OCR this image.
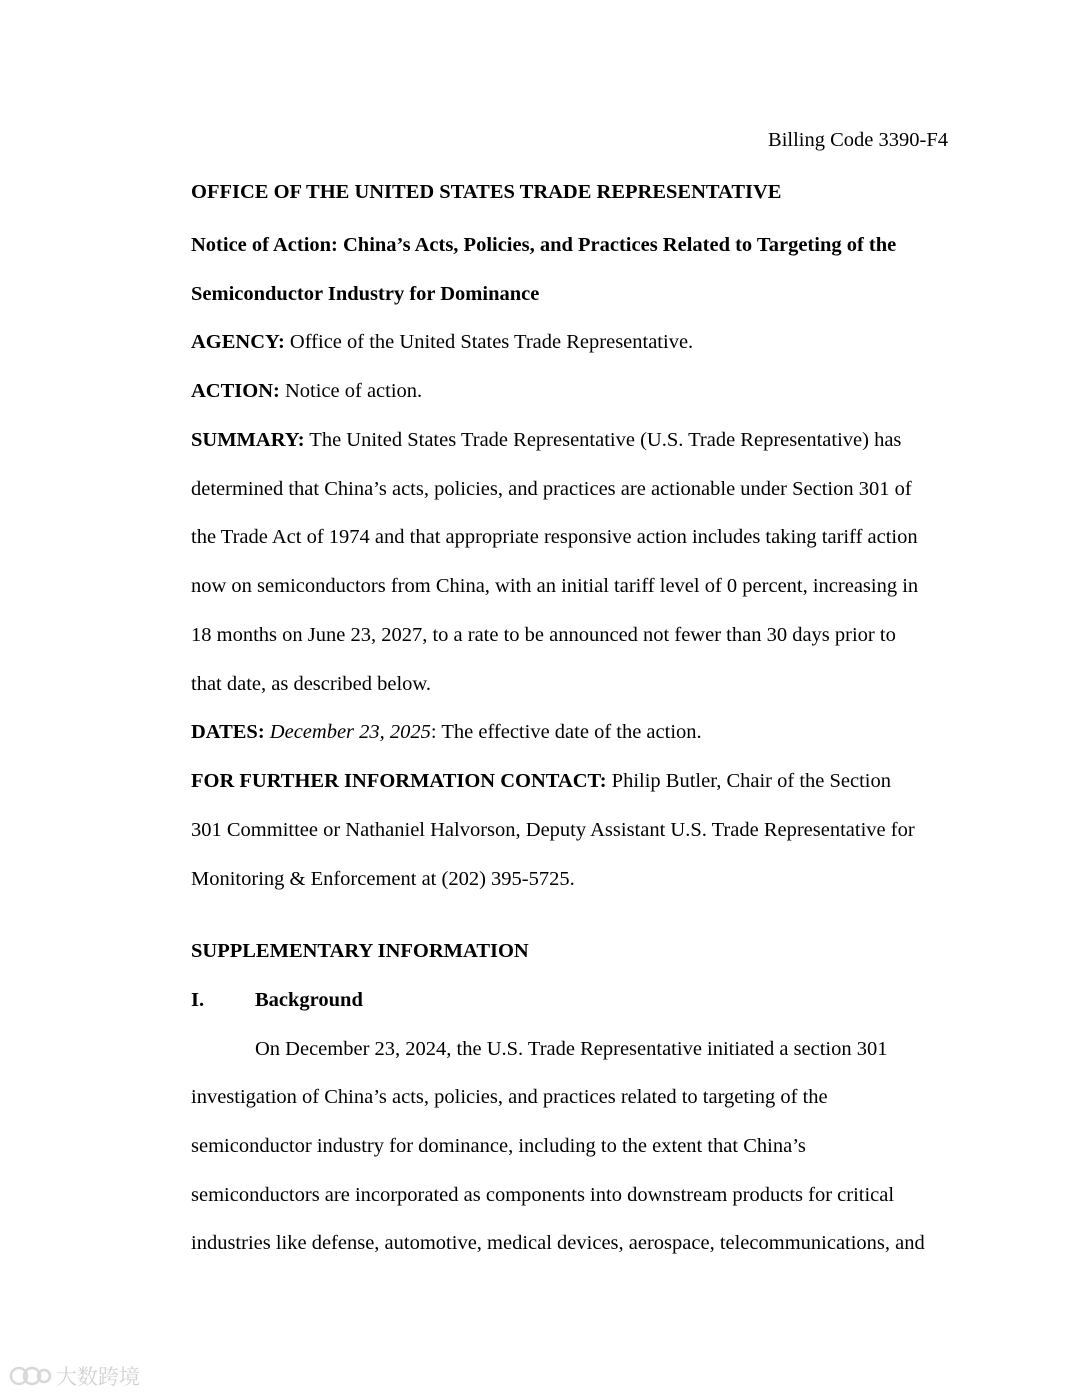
Billing Code 3390-F4
OFFICE OF THE UNITED STATES TRADE REPRESENTATIVE
Notice of Action: China’s Acts, Policies, and Practices Related to Targeting of the
Semiconductor Industry for Dominance
AGENCY: Office of the United States Trade Representative.
ACTION: Notice of action.
SUMMARY: The United States Trade Representative (U.S. Trade Representative) has
determined that China’s acts, policies, and practices are actionable under Section 301 of
the Trade Act of 1974 and that appropriate responsive action includes taking tariff action
now on semiconductors from China, with an initial tariff level of 0 percent, increasing in
18 months on June 23, 2027, to a rate to be announced not fewer than 30 days prior to
that date, as described below.
DATES: December 23, 2025: The effective date of the action.
FOR FURTHER INFORMATION CONTACT: Philip Butler, Chair of the Section
301 Committee or Nathaniel Halvorson, Deputy Assistant U.S. Trade Representative for
Monitoring & Enforcement at (202) 395-5725.
SUPPLEMENTARY INFORMATION
I. Background
On December 23, 2024, the U.S. Trade Representative initiated a section 301
investigation of China’s acts, policies, and practices related to targeting of the
semiconductor industry for dominance, including to the extent that China’s
semiconductors are incorporated as components into downstream products for critical
industries like defense, automotive, medical devices, aerospace, telecommunications, and
大数跨境
